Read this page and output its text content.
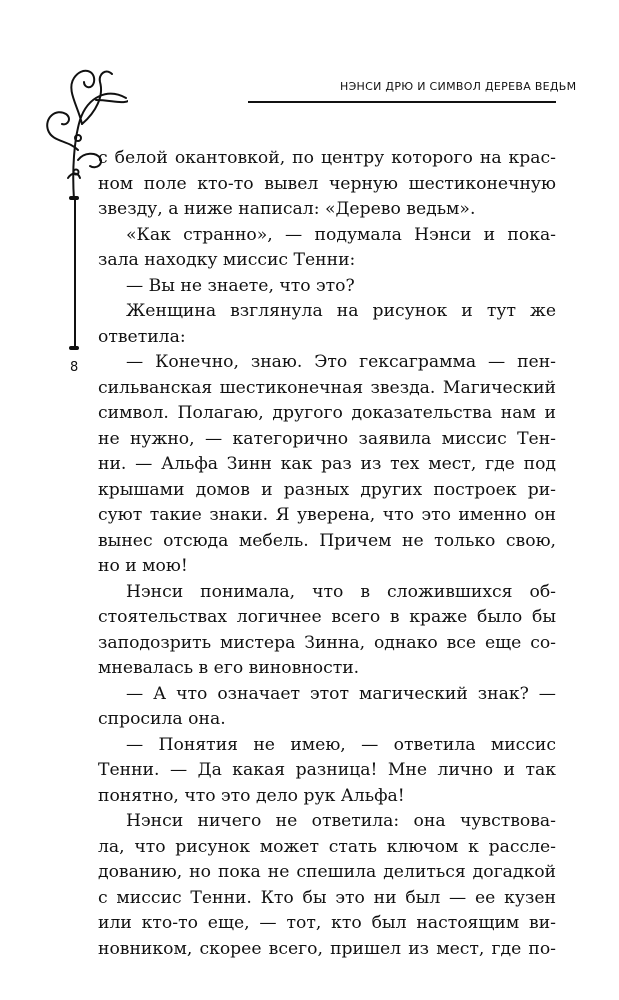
НЭНСИ ДРЮ И СИМВОЛ ДЕРЕВА ВЕДЬМ
8
с белой окантовкой, по центру которого на крас-
ном поле кто-то вывел черную шестиконечную
звезду, а ниже написал: «Дерево ведьм».
«Как странно», — подумала Нэнси и пока-
зала находку миссис Тенни:
— Вы не знаете, что это?
Женщина взглянула на рисунок и тут же
ответила:
— Конечно, знаю. Это гексаграмма — пен-
сильванская шестиконечная звезда. Магический
символ. Полагаю, другого доказательства нам и
не нужно, — категорично заявила миссис Тен-
ни. — Альфа Зинн как раз из тех мест, где под
крышами домов и разных других построек ри-
суют такие знаки. Я уверена, что это именно он
вынес отсюда мебель. Причем не только свою,
но и мою!
Нэнси понимала, что в сложившихся об-
стоятельствах логичнее всего в краже было бы
заподозрить мистера Зинна, однако все еще со-
мневалась в его виновности.
— А что означает этот магический знак? —
спросила она.
— Понятия не имею, — ответила миссис
Тенни. — Да какая разница! Мне лично и так
понятно, что это дело рук Альфа!
Нэнси ничего не ответила: она чувствова-
ла, что рисунок может стать ключом к рассле-
дованию, но пока не спешила делиться догадкой
с миссис Тенни. Кто бы это ни был — ее кузен
или кто-то еще, — тот, кто был настоящим ви-
новником, скорее всего, пришел из мест, где по-
